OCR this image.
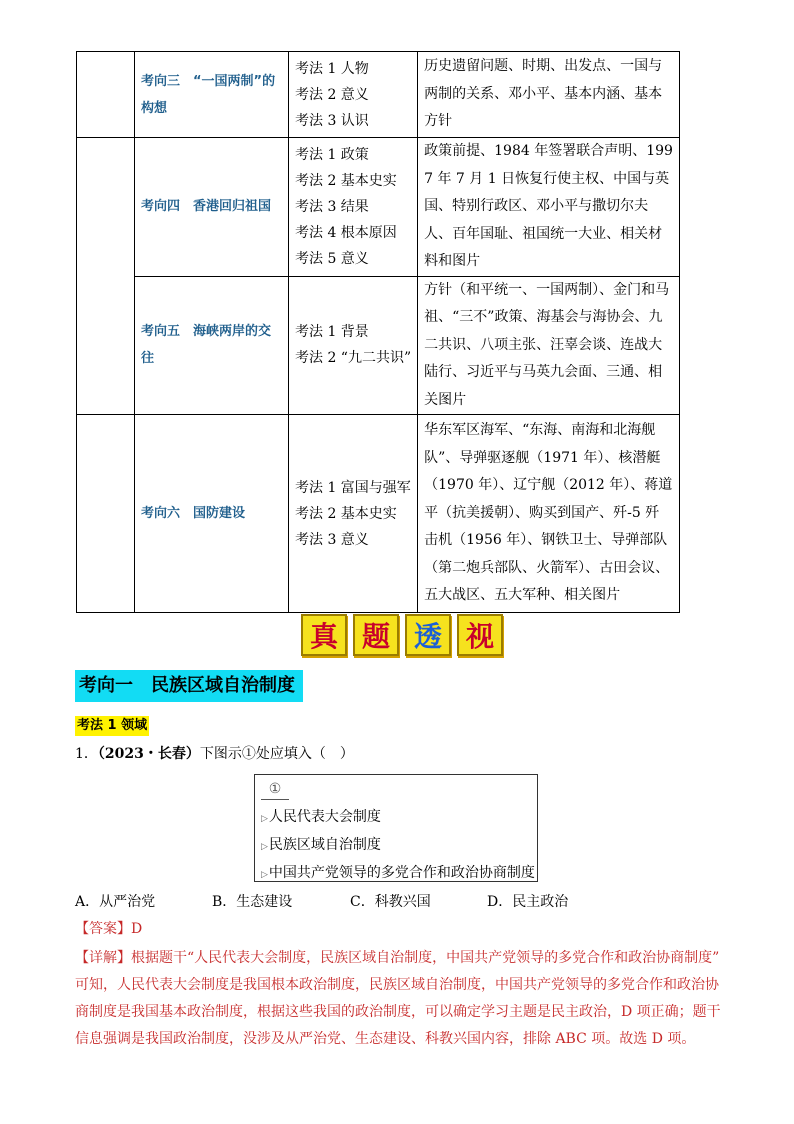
	考向三　“一国两制”的构想	考法 1 人物
考法 2 意义
考法 3 认识	历史遗留问题、时期、出发点、一国与两制的关系、邓小平、基本内涵、基本方针

	考向四　香港回归祖国	考法 1 政策
考法 2 基本史实
考法 3 结果
考法 4 根本原因
考法 5 意义	政策前提、1984 年签署联合声明、1997 年 7 月 1 日恢复行使主权、中国与英国、特别行政区、邓小平与撒切尔夫人、百年国耻、祖国统一大业、相关材料和图片

	考向五　海峡两岸的交往	考法 1 背景
考法 2 “九二共识”	方针（和平统一、一国两制）、金门和马祖、“三不”政策、海基会与海协会、九二共识、八项主张、汪辜会谈、连战大陆行、习近平与马英九会面、三通、相关图片

	考向六　国防建设	考法 1 富国与强军
考法 2 基本史实
考法 3 意义	华东军区海军、“东海、南海和北海舰队”、导弹驱逐舰（1971 年）、核潜艇（1970 年）、辽宁舰（2012 年）、蒋道平（抗美援朝）、购买到国产、歼-5 歼击机（1956 年）、钢铁卫士、导弹部队（第二炮兵部队、火箭军）、古田会议、五大战区、五大军种、相关图片
真 题 透 视
考向一　民族区域自治制度
考法 1 领域
1．（2023・长春）下图示①处应填入（　）
①
▷人民代表大会制度
▷民族区域自治制度
▷中国共产党领导的多党合作和政治协商制度
A．从严治党	B．生态建设	C．科教兴国	D．民主政治
【答案】D

【详解】根据题干“人民代表大会制度，民族区域自治制度，中国共产党领导的多党合作和政治协商制度”

可知，人民代表大会制度是我国根本政治制度，民族区域自治制度，中国共产党领导的多党合作和政治协商制度是我国基本政治制度，根据这些我国的政治制度，可以确定学习主题是民主政治，D 项正确；题干信息强调是我国政治制度，没涉及从严治党、生态建设、科教兴国内容，排除 ABC 项。故选 D 项。
